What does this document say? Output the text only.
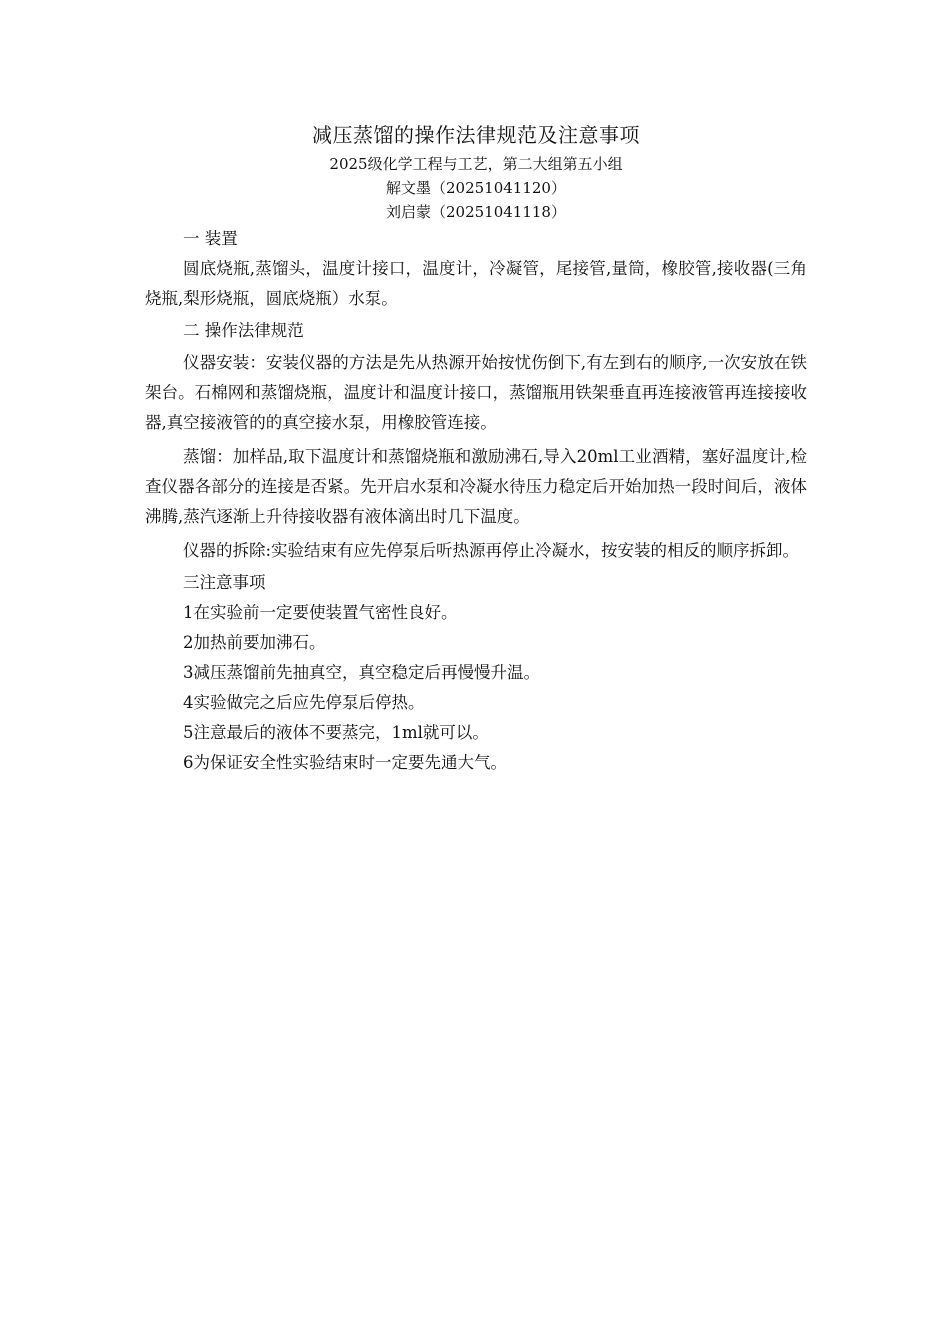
减压蒸馏的操作法律规范及注意事项

2025级化学工程与工艺，第二大组第五小组

解文墨（20251041120）

刘启蒙（20251041118）

一 装置

圆底烧瓶,蒸馏头，温度计接口，温度计，冷凝管，尾接管,量筒，橡胶管,接收器(三角烧瓶,梨形烧瓶，圆底烧瓶）水泵。

二 操作法律规范

仪器安装：安装仪器的方法是先从热源开始按忧伤倒下,有左到右的顺序,一次安放在铁架台。石棉网和蒸馏烧瓶，温度计和温度计接口，蒸馏瓶用铁架垂直再连接液管再连接接收器,真空接液管的的真空接水泵，用橡胶管连接。

蒸馏：加样品,取下温度计和蒸馏烧瓶和激励沸石,导入20ml工业酒精，塞好温度计,检查仪器各部分的连接是否紧。先开启水泵和冷凝水待压力稳定后开始加热一段时间后，液体沸腾,蒸汽逐渐上升待接收器有液体滴出时几下温度。

仪器的拆除:实验结束有应先停泵后听热源再停止冷凝水，按安装的相反的顺序拆卸。

三注意事项

1在实验前一定要使装置气密性良好。

2加热前要加沸石。

3减压蒸馏前先抽真空，真空稳定后再慢慢升温。

4实验做完之后应先停泵后停热。

5注意最后的液体不要蒸完，1ml就可以。

6为保证安全性实验结束时一定要先通大气。
